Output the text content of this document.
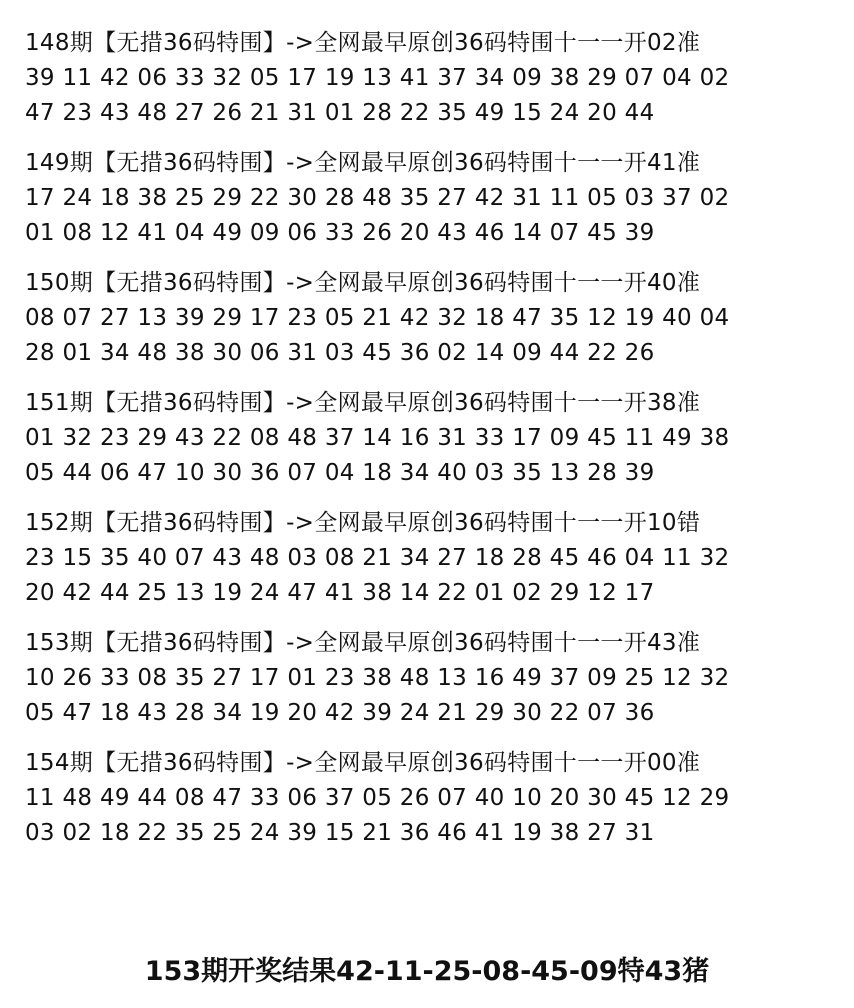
148期【无措36码特围】->全网最早原创36码特围十一一开02准
39 11 42 06 33 32 05 17 19 13 41 37 34 09 38 29 07 04 02
47 23 43 48 27 26 21 31 01 28 22 35 49 15 24 20 44
149期【无措36码特围】->全网最早原创36码特围十一一开41准
17 24 18 38 25 29 22 30 28 48 35 27 42 31 11 05 03 37 02
01 08 12 41 04 49 09 06 33 26 20 43 46 14 07 45 39
150期【无措36码特围】->全网最早原创36码特围十一一开40准
08 07 27 13 39 29 17 23 05 21 42 32 18 47 35 12 19 40 04
28 01 34 48 38 30 06 31 03 45 36 02 14 09 44 22 26
151期【无措36码特围】->全网最早原创36码特围十一一开38准
01 32 23 29 43 22 08 48 37 14 16 31 33 17 09 45 11 49 38
05 44 06 47 10 30 36 07 04 18 34 40 03 35 13 28 39
152期【无措36码特围】->全网最早原创36码特围十一一开10错
23 15 35 40 07 43 48 03 08 21 34 27 18 28 45 46 04 11 32
20 42 44 25 13 19 24 47 41 38 14 22 01 02 29 12 17
153期【无措36码特围】->全网最早原创36码特围十一一开43准
10 26 33 08 35 27 17 01 23 38 48 13 16 49 37 09 25 12 32
05 47 18 43 28 34 19 20 42 39 24 21 29 30 22 07 36
154期【无措36码特围】->全网最早原创36码特围十一一开00准
11 48 49 44 08 47 33 06 37 05 26 07 40 10 20 30 45 12 29
03 02 18 22 35 25 24 39 15 21 36 46 41 19 38 27 31
153期开奖结果42-11-25-08-45-09特43猪
